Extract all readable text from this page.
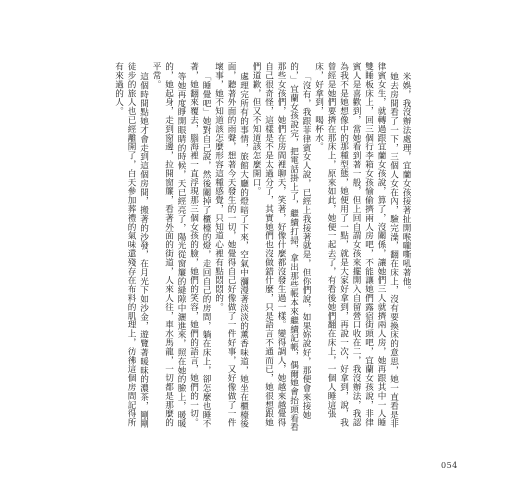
米娛，我沒辦法處理，宜蘭女孩接著扯開喉嚨嘶吼著他。

她去房間看了一下，三個人女在內，驗完澡，翻在床上，沒有要換床的意思，她一直看是非律賓女生，就轉過跟宜蘭女孩說，算了，沒關係，讓她們三人就擠兩人房，她再跟其中一人睡雙睡板床上，回三個行李箱女孩愉偷擠兩人房吧，不能讓她們露宿街頭吧，宜蘭女孩說，非律賓人是喜歡到，當她看到著一般，但上回自謂女孩來擺開入自留營口收在二，我沒辦法，我認為我不是她想像中的那種型態，她便用了一點，就是大家好拿到，再說一次，好拿到，說，我曾經是她們要擠在那床上，原來如此，她便一起去了，有看後她們翻在床上，一個人睡這張床，好拿到，喝杯水。

「沒有，我跟菲律賓女人說，已經上我接著就是，但你們說，如果妳說好，那便會來接她的，」宜蘭女孩說完，把電話掛上了，繼續打掃，拿出那些帳本來繼續記帳，偶爾她會抬頭看看那些女孩們，她們在房間裡聊天，笑著，好像什麼都沒發生過一樣。變得調人，她越來越覺得自己很奇怪，這樣是不是太過分了，其實她們也沒做錯什麼，只是語言不通而已，她很想跟她們道歉，但又不知道該怎麼開口。

處理完所有的事情，旅館大廳的燈暗了下來，空氣中瀰漫著淡淡的薰香味道，她坐在櫃檯後面，聽著外面的雨聲，想著今天發生的一切，她覺得自己好像做了一件好事，又好像做了一件壞事，她不知道該怎麼形容這種感覺，只知道心裡有點悶悶的。

「睡覺吧」她對自己說，然後關掉了櫃檯的燈，走回自己的房間，躺在床上，卻怎麼也睡不著，她翻來覆去，腦海裡一直浮現那三個女孩的臉，她們的笑容，她們的語言，她們的一切。

等她再度睜開眼睛的時候，天已經亮了，陽光從窗簾的縫隙中灑進來，照在她的臉上，暖暖的，她起身，走到窗邊，拉開窗簾，看著外面的街道，人來人往，車水馬龍，一切都是那麼的平常。

這個時間點她才會走到這個房間，搬著的沙發，在月光下如沙金，遊覽著暖昧的濃茶，剛剛徒步的旅人也已經離開了，白天參加葬禮的氣味還殘存在布料的肌理上，彷彿這個房間記得所有來過的人。

054
